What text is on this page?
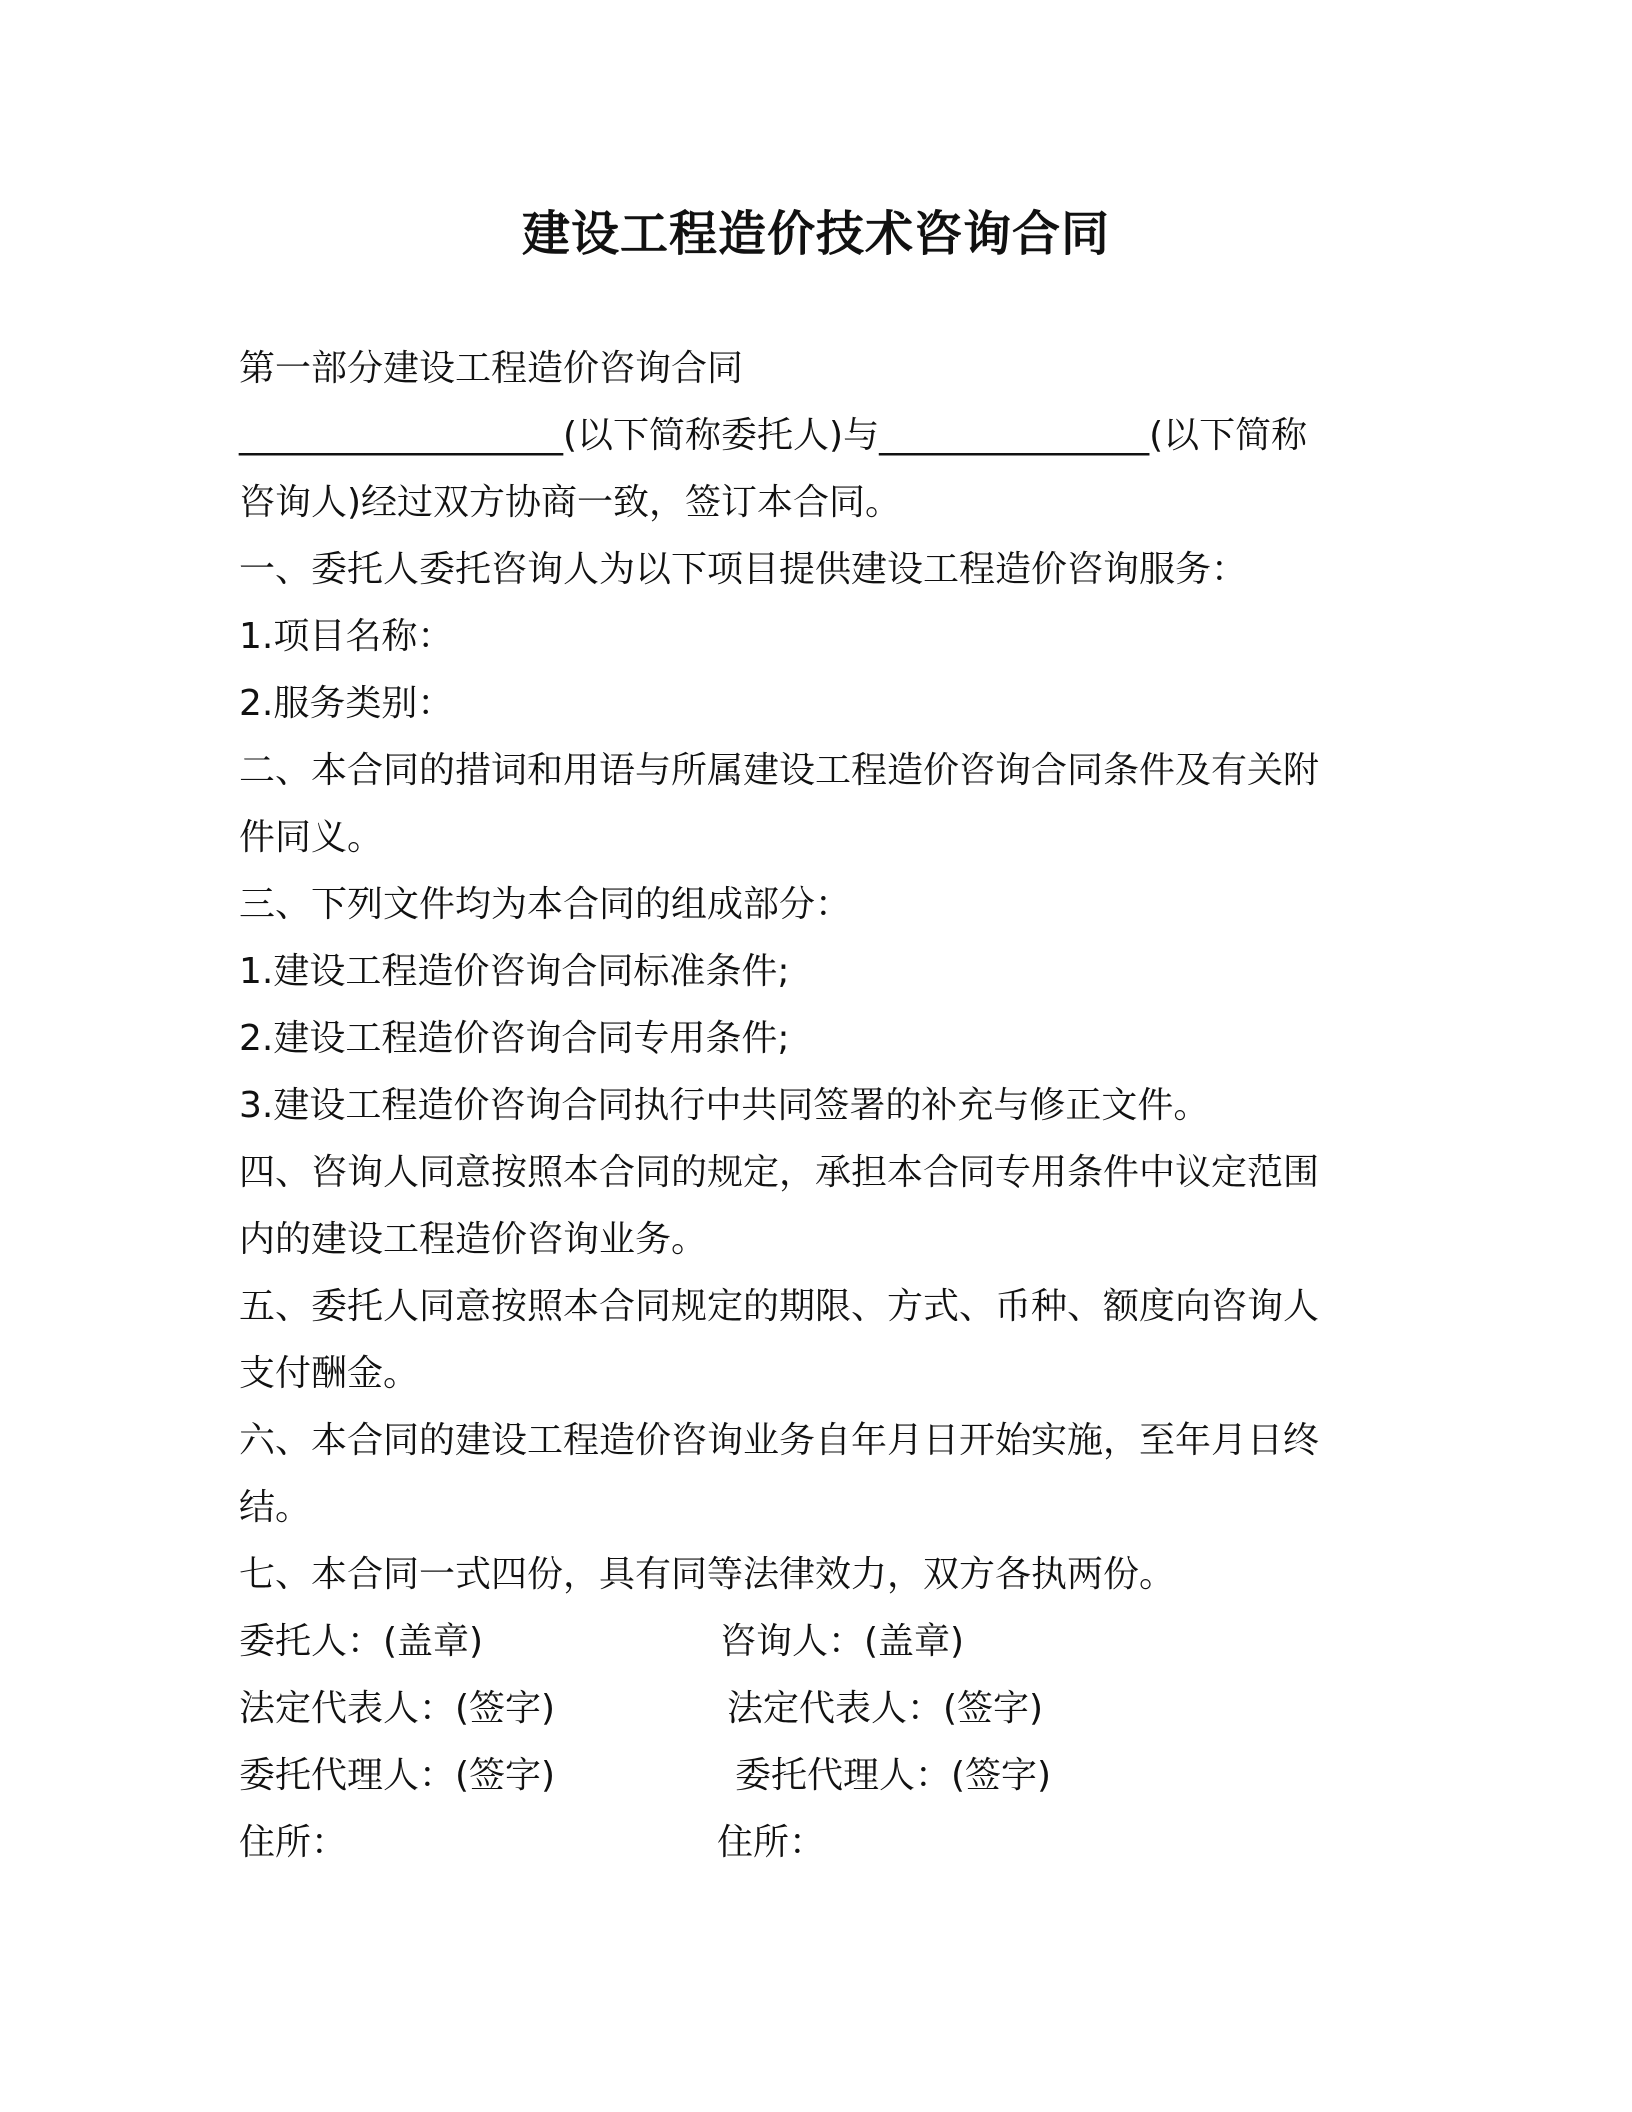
建设工程造价技术咨询合同
第一部分建设工程造价咨询合同
__________________(以下简称委托人)与_______________(以下简称
咨询人)经过双方协商一致，签订本合同。
一、委托人委托咨询人为以下项目提供建设工程造价咨询服务：
1.项目名称：
2.服务类别：
二、本合同的措词和用语与所属建设工程造价咨询合同条件及有关附
件同义。
三、下列文件均为本合同的组成部分：
1.建设工程造价咨询合同标准条件;
2.建设工程造价咨询合同专用条件;
3.建设工程造价咨询合同执行中共同签署的补充与修正文件。
四、咨询人同意按照本合同的规定，承担本合同专用条件中议定范围
内的建设工程造价咨询业务。
五、委托人同意按照本合同规定的期限、方式、币种、额度向咨询人
支付酬金。
六、本合同的建设工程造价咨询业务自年月日开始实施，至年月日终
结。
七、本合同一式四份，具有同等法律效力，双方各执两份。
委托人：(盖章)	咨询人：(盖章)
法定代表人：(签字)	法定代表人：(签字)
委托代理人：(签字)	委托代理人：(签字)
住所：	住所：
